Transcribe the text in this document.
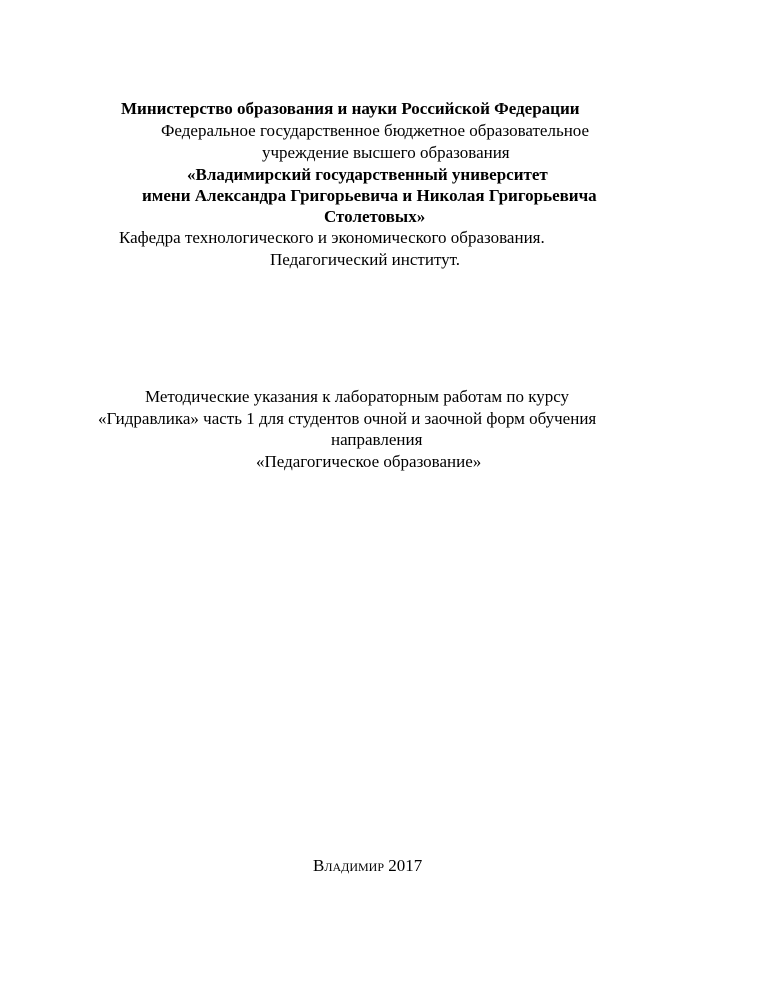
Министерство образования и науки Российской Федерации
Федеральное государственное бюджетное образовательное
учреждение высшего образования
«Владимирский государственный университет
имени Александра Григорьевича и Николая Григорьевича
Столетовых»
Кафедра технологического и экономического образования.
Педагогический институт.
Методические указания к лабораторным работам по курсу
«Гидравлика» часть 1 для студентов очной и заочной форм обучения
направления
«Педагогическое образование»
Владимир 2017
